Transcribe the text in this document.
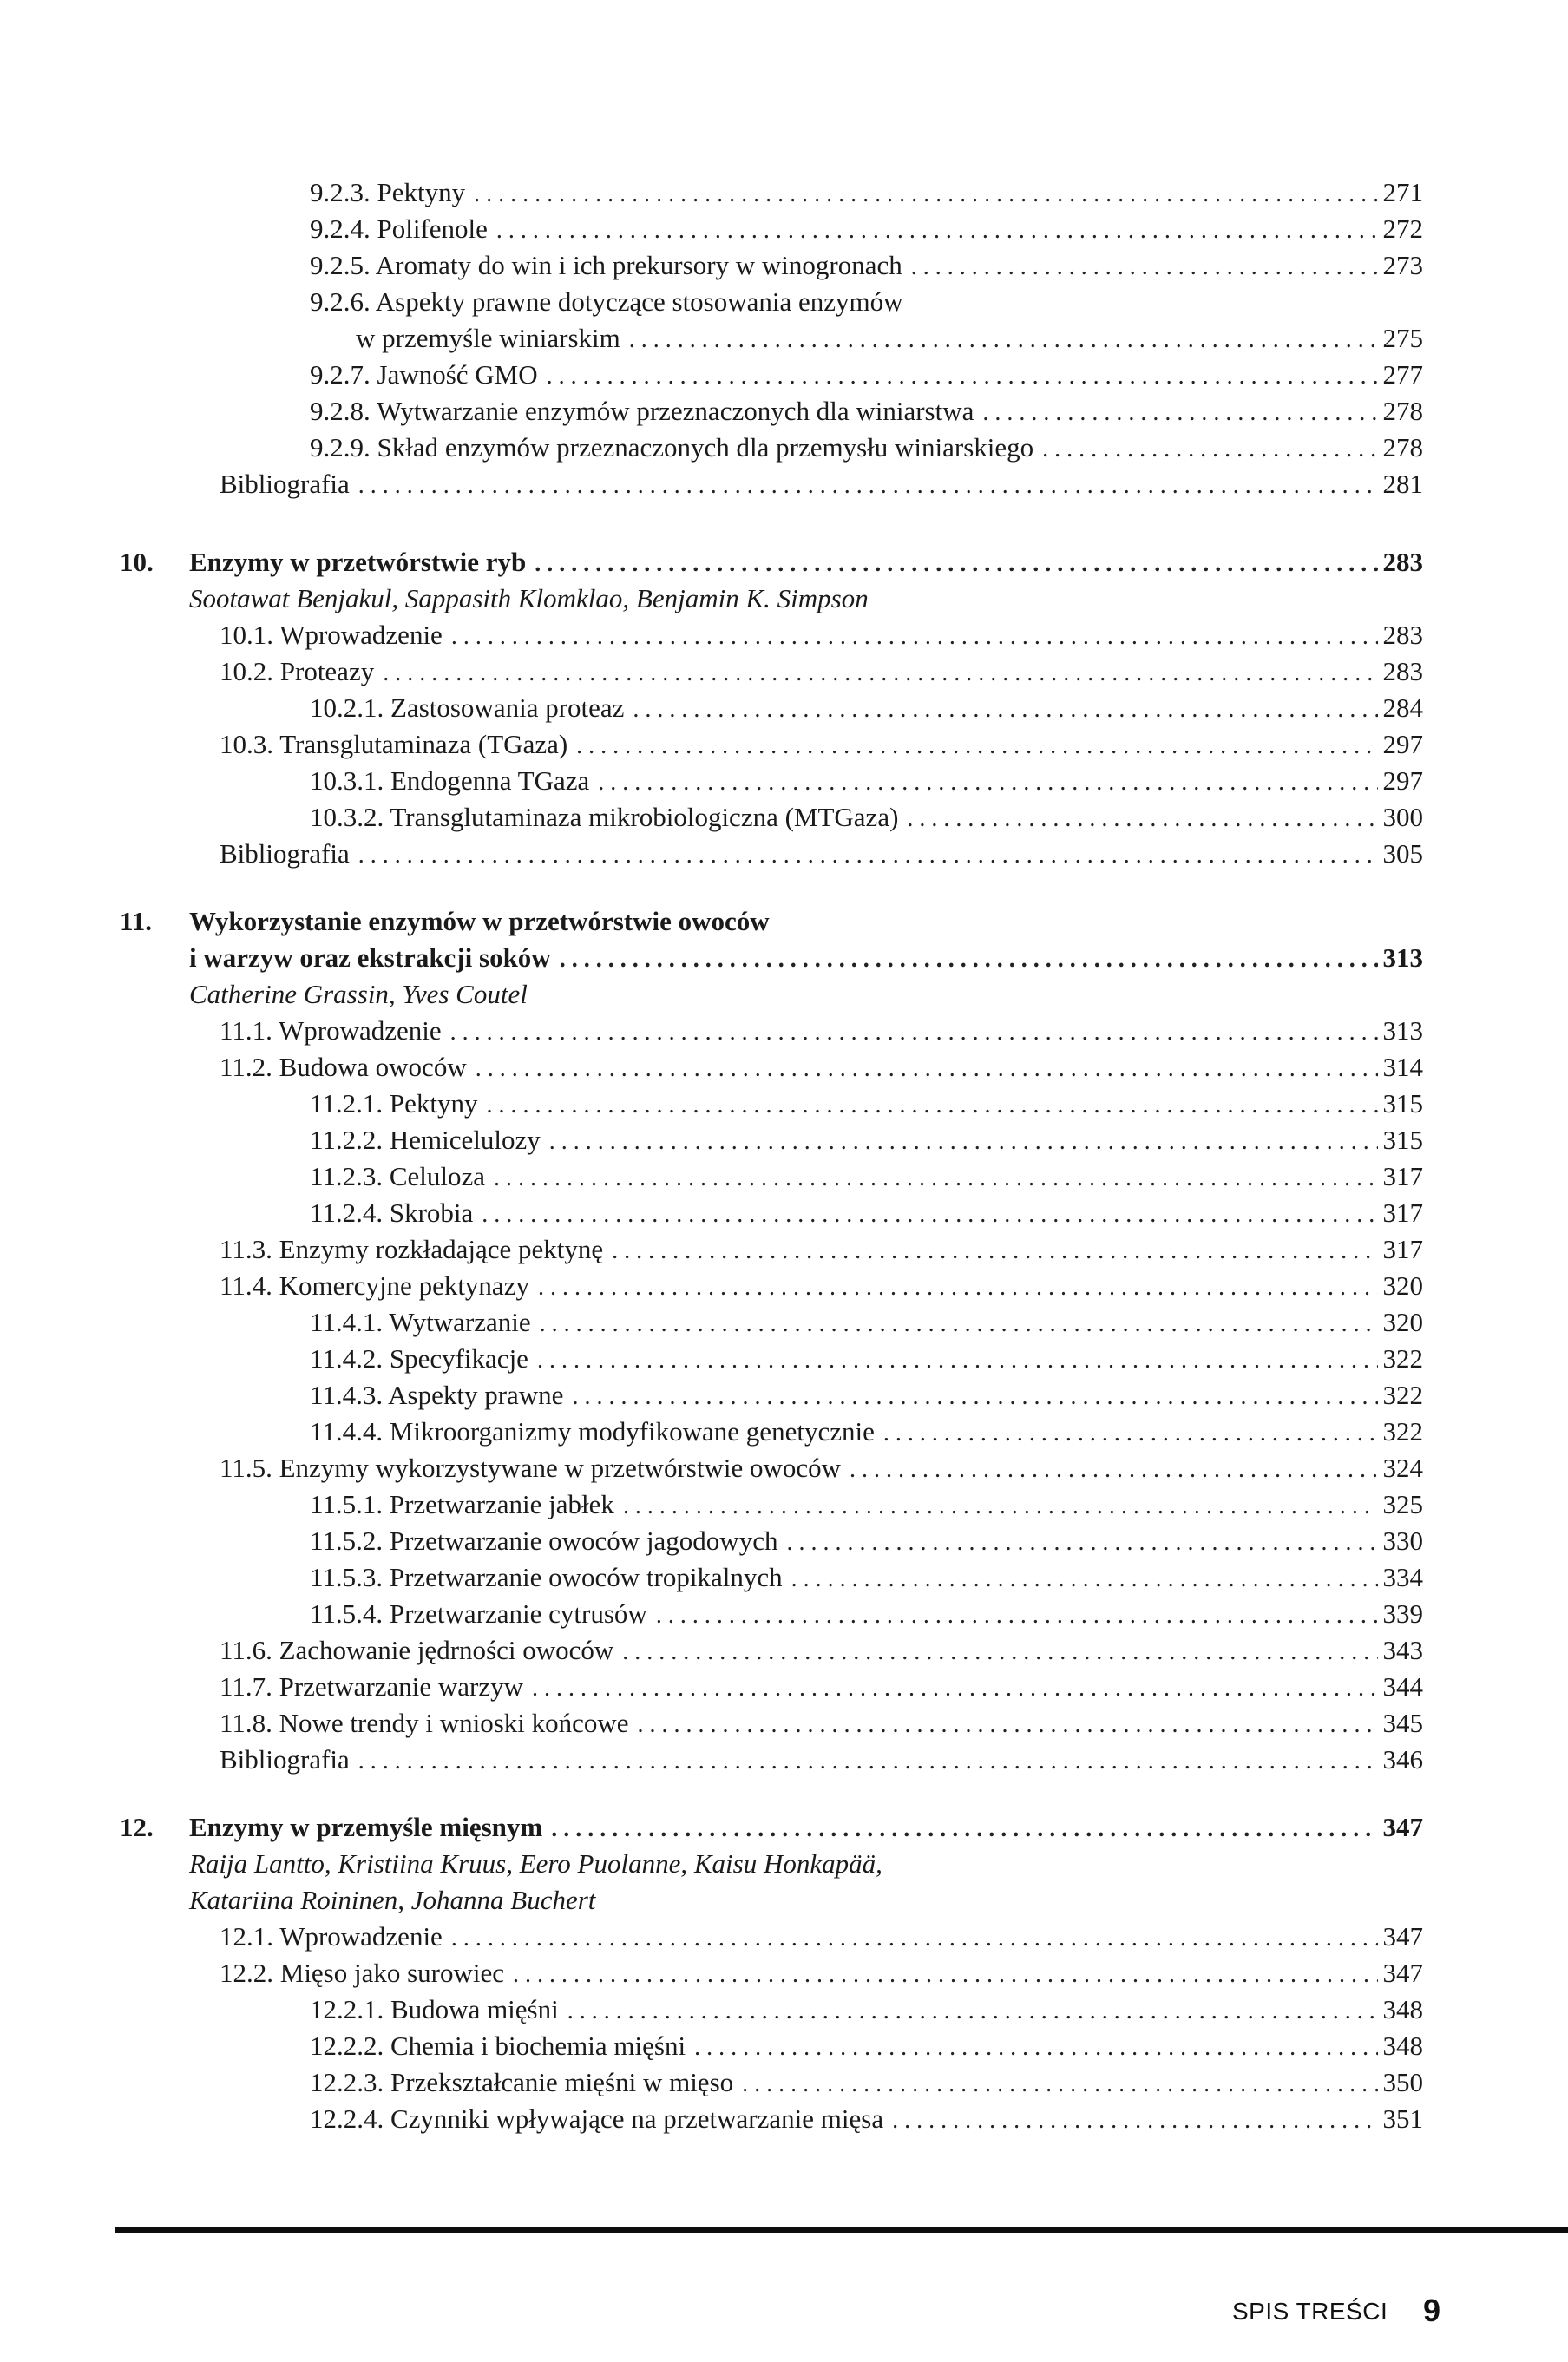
9.2.3. Pektyny . . .	271
9.2.4. Polifenole . . .	272
9.2.5. Aromaty do win i ich prekursory w winogronach . . .	273
9.2.6. Aspekty prawne dotyczące stosowania enzymów
w przemyśle winiarskim . . .	275
9.2.7. Jawność GMO . . .	277
9.2.8. Wytwarzanie enzymów przeznaczonych dla winiarstwa . . .	278
9.2.9. Skład enzymów przeznaczonych dla przemysłu winiarskiego . . .	278
Bibliografia . . .	281
10. Enzymy w przetwórstwie ryb . . .	283
Sootawat Benjakul, Sappasith Klomklao, Benjamin K. Simpson
10.1. Wprowadzenie . . .	283
10.2. Proteazy . . .	283
10.2.1. Zastosowania proteaz . . .	284
10.3. Transglutaminaza (TGaza) . . .	297
10.3.1. Endogenna TGaza . . .	297
10.3.2. Transglutaminaza mikrobiologiczna (MTGaza) . . .	300
Bibliografia . . .	305
11. Wykorzystanie enzymów w przetwórstwie owoców
i warzyw oraz ekstrakcji soków . . .	313
Catherine Grassin, Yves Coutel
11.1. Wprowadzenie . . .	313
11.2. Budowa owoców . . .	314
11.2.1. Pektyny . . .	315
11.2.2. Hemicelulozy . . .	315
11.2.3. Celuloza . . .	317
11.2.4. Skrobia . . .	317
11.3. Enzymy rozkładające pektynę . . .	317
11.4. Komercyjne pektynazy . . .	320
11.4.1. Wytwarzanie . . .	320
11.4.2. Specyfikacje . . .	322
11.4.3. Aspekty prawne . . .	322
11.4.4. Mikroorganizmy modyfikowane genetycznie . . .	322
11.5. Enzymy wykorzystywane w przetwórstwie owoców . . .	324
11.5.1. Przetwarzanie jabłek . . .	325
11.5.2. Przetwarzanie owoców jagodowych . . .	330
11.5.3. Przetwarzanie owoców tropikalnych . . .	334
11.5.4. Przetwarzanie cytrusów . . .	339
11.6. Zachowanie jędrności owoców . . .	343
11.7. Przetwarzanie warzyw . . .	344
11.8. Nowe trendy i wnioski końcowe . . .	345
Bibliografia . . .	346
12. Enzymy w przemyśle mięsnym . . .	347
Raija Lantto, Kristiina Kruus, Eero Puolanne, Kaisu Honkapää,
Katariina Roininen, Johanna Buchert
12.1. Wprowadzenie . . .	347
12.2. Mięso jako surowiec . . .	347
12.2.1. Budowa mięśni . . .	348
12.2.2. Chemia i biochemia mięśni . . .	348
12.2.3. Przekształcanie mięśni w mięso . . .	350
12.2.4. Czynniki wpływające na przetwarzanie mięsa . . .	351
SPIS TREŚCI 9
